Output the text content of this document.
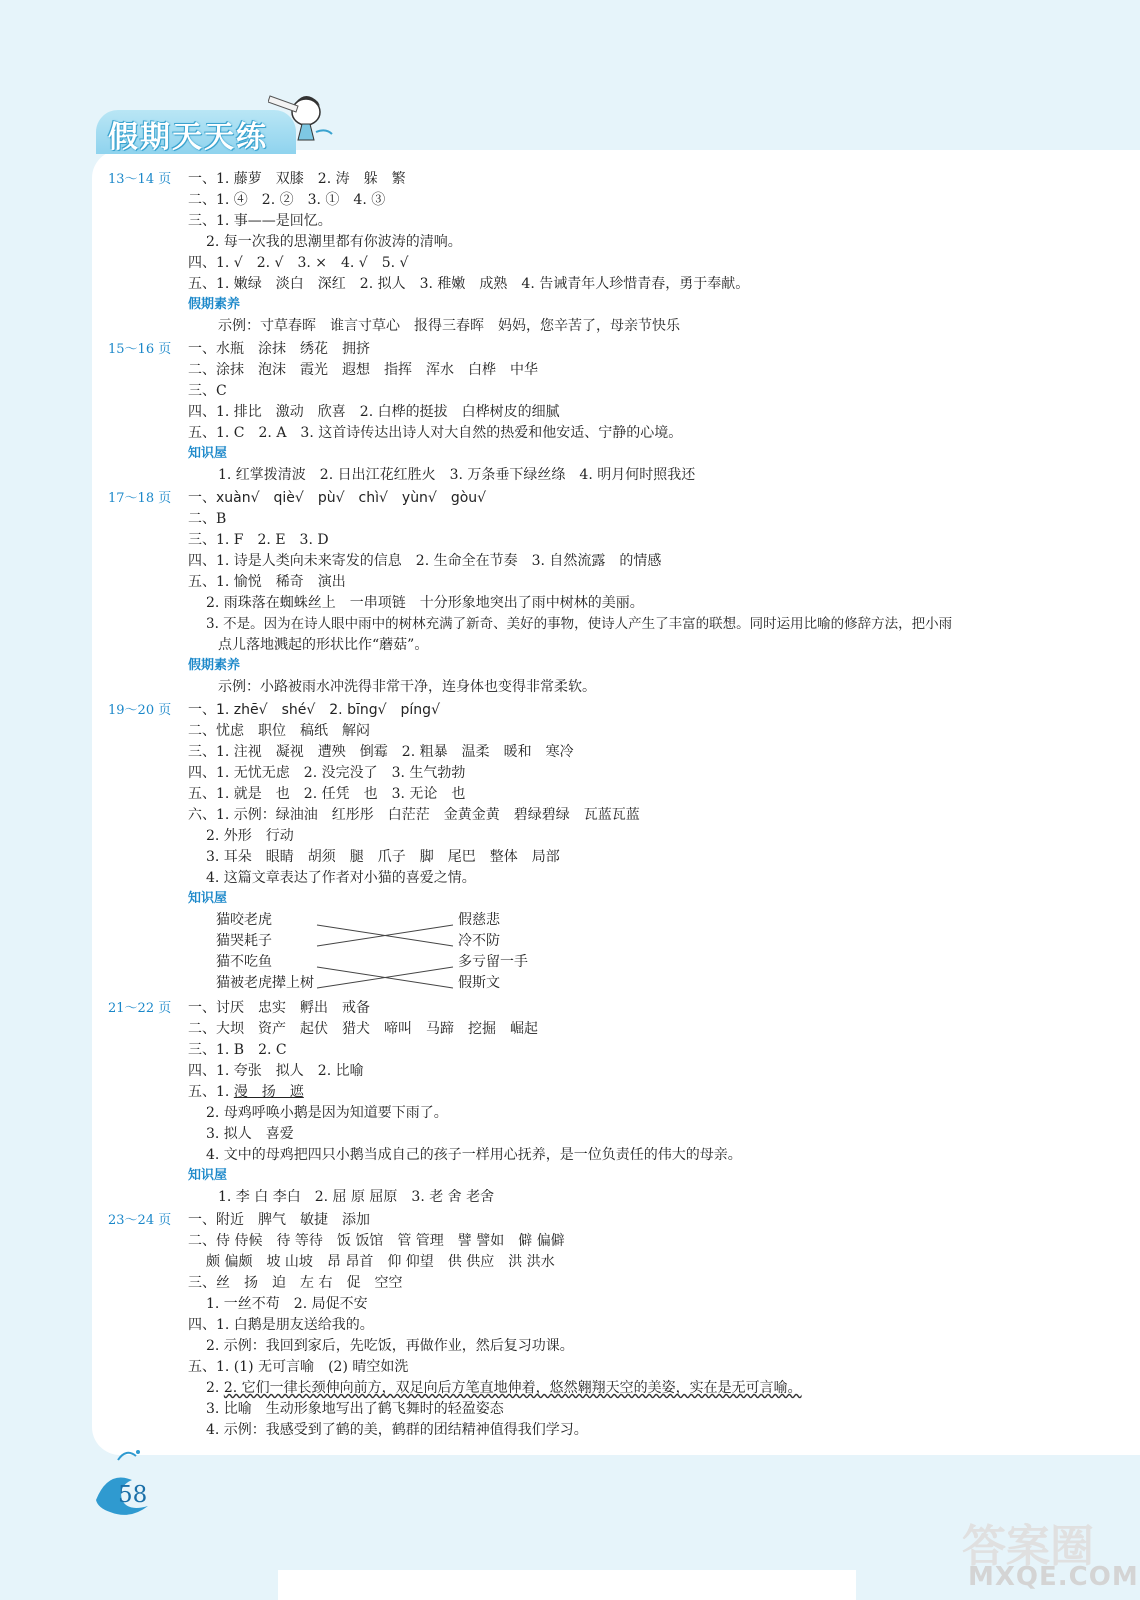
假期天天练
13～14 页 一、1. 藤萝　双膝　2. 涛　躲　繁
二、1. ④　2. ②　3. ①　4. ③
三、1. 事——是回忆。
2. 每一次我的思潮里都有你波涛的清响。
四、1. √　2. √　3. ×　4. √　5. √
五、1. 嫩绿　淡白　深红　2. 拟人　3. 稚嫩　成熟　4. 告诫青年人珍惜青春，勇于奉献。
假期素养
示例：寸草春晖　谁言寸草心　报得三春晖　妈妈，您辛苦了，母亲节快乐
15～16 页 一、水瓶　涂抹　绣花　拥挤
二、涂抹　泡沫　霞光　遐想　指挥　浑水　白桦　中华
三、C
四、1. 排比　激动　欣喜　2. 白桦的挺拔　白桦树皮的细腻
五、1. C　2. A　3. 这首诗传达出诗人对大自然的热爱和他安适、宁静的心境。
知识屋
1. 红掌拨清波　2. 日出江花红胜火　3. 万条垂下绿丝绦　4. 明月何时照我还
17～18 页 一、xuàn√　qiè√　pù√　chì√　yùn√　gòu√
二、B
三、1. F　2. E　3. D
四、1. 诗是人类向未来寄发的信息　2. 生命全在节奏　3. 自然流露　的情感
五、1. 愉悦　稀奇　演出
2. 雨珠落在蜘蛛丝上　一串项链　十分形象地突出了雨中树林的美丽。
3. 不是。因为在诗人眼中雨中的树林充满了新奇、美好的事物，使诗人产生了丰富的联想。同时运用比喻的修辞方法，把小雨
点儿落地溅起的形状比作“蘑菇”。
假期素养
示例：小路被雨水冲洗得非常干净，连身体也变得非常柔软。
19～20 页 一、1. zhē√　shé√　2. bīng√　píng√
二、忧虑　职位　稿纸　解闷
三、1. 注视　凝视　遭殃　倒霉　2. 粗暴　温柔　暖和　寒冷
四、1. 无忧无虑　2. 没完没了　3. 生气勃勃
五、1. 就是　也　2. 任凭　也　3. 无论　也
六、1. 示例：绿油油　红彤彤　白茫茫　金黄金黄　碧绿碧绿　瓦蓝瓦蓝
2. 外形　行动
3. 耳朵　眼睛　胡须　腿　爪子　脚　尾巴　整体　局部
4. 这篇文章表达了作者对小猫的喜爱之情。
知识屋
猫咬老虎
猫哭耗子
猫不吃鱼
猫被老虎撵上树
假慈悲
冷不防
多亏留一手
假斯文
21～22 页 一、讨厌　忠实　孵出　戒备
二、大坝　资产　起伏　猎犬　啼叫　马蹄　挖掘　崛起
三、1. B　2. C
四、1. 夸张　拟人　2. 比喻
五、1. 漫　扬　遮
2. 母鸡呼唤小鹅是因为知道要下雨了。
3. 拟人　喜爱
4. 文中的母鸡把四只小鹅当成自己的孩子一样用心抚养，是一位负责任的伟大的母亲。
知识屋
1. 李 白 李白　2. 屈 原 屈原　3. 老 舍 老舍
23～24 页 一、附近　脾气　敏捷　添加
二、侍 侍候　待 等待　饭 饭馆　管 管理　譬 譬如　僻 偏僻
颇 偏颇　坡 山坡　昂 昂首　仰 仰望　供 供应　洪 洪水
三、丝　扬　迫　左 右　促　空空
1. 一丝不苟　2. 局促不安
四、1. 白鹅是朋友送给我的。
2. 示例：我回到家后，先吃饭，再做作业，然后复习功课。
五、1. (1) 无可言喻　(2) 晴空如洗
2. 2. 它们一律长颈伸向前方，双足向后方笔直地伸着，悠然翱翔天空的美姿，实在是无可言喻。
3. 比喻　生动形象地写出了鹤飞舞时的轻盈姿态
4. 示例：我感受到了鹤的美，鹤群的团结精神值得我们学习。
58
答案圈
MXQE.COM
